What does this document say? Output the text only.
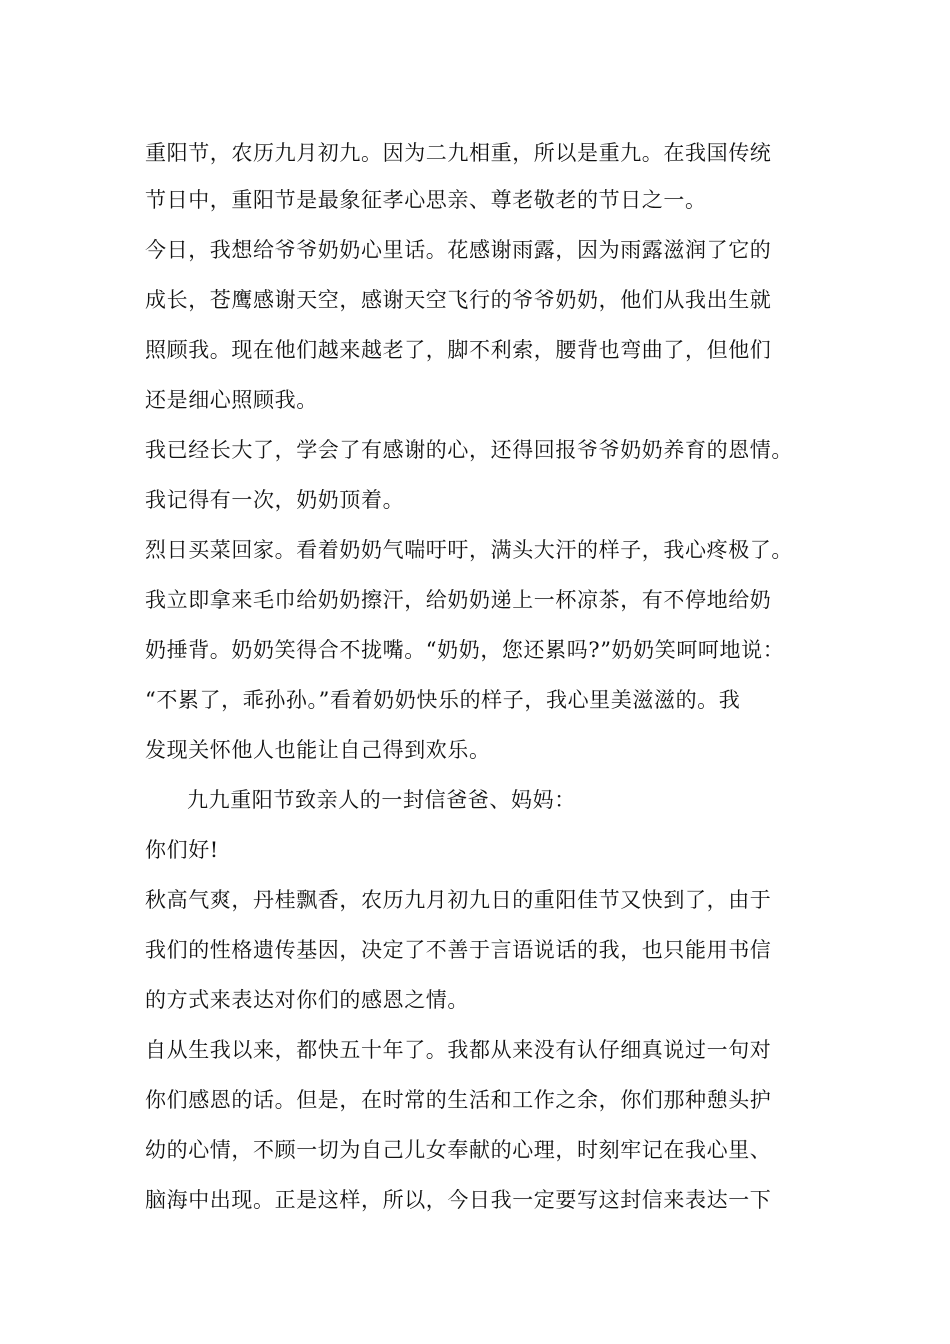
重阳节，农历九月初九。因为二九相重，所以是重九。在我国传统
节日中，重阳节是最象征孝心思亲、尊老敬老的节日之一。
今日，我想给爷爷奶奶心里话。花感谢雨露，因为雨露滋润了它的
成长，苍鹰感谢天空，感谢天空飞行的爷爷奶奶，他们从我出生就
照顾我。现在他们越来越老了，脚不利索，腰背也弯曲了，但他们
还是细心照顾我。
我已经长大了，学会了有感谢的心，还得回报爷爷奶奶养育的恩情。
我记得有一次，奶奶顶着。
烈日买菜回家。看着奶奶气喘吁吁，满头大汗的样子，我心疼极了。
我立即拿来毛巾给奶奶擦汗，给奶奶递上一杯凉茶，有不停地给奶
奶捶背。奶奶笑得合不拢嘴。“奶奶，您还累吗?”奶奶笑呵呵地说：
“不累了，乖孙孙。”看着奶奶快乐的样子，我心里美滋滋的。我
发现关怀他人也能让自己得到欢乐。
九九重阳节致亲人的一封信爸爸、妈妈：
你们好!
秋高气爽，丹桂飘香，农历九月初九日的重阳佳节又快到了，由于
我们的性格遗传基因，决定了不善于言语说话的我，也只能用书信
的方式来表达对你们的感恩之情。
自从生我以来，都快五十年了。我都从来没有认仔细真说过一句对
你们感恩的话。但是，在时常的生活和工作之余，你们那种憩头护
幼的心情，不顾一切为自己儿女奉献的心理，时刻牢记在我心里、
脑海中出现。正是这样，所以，今日我一定要写这封信来表达一下
